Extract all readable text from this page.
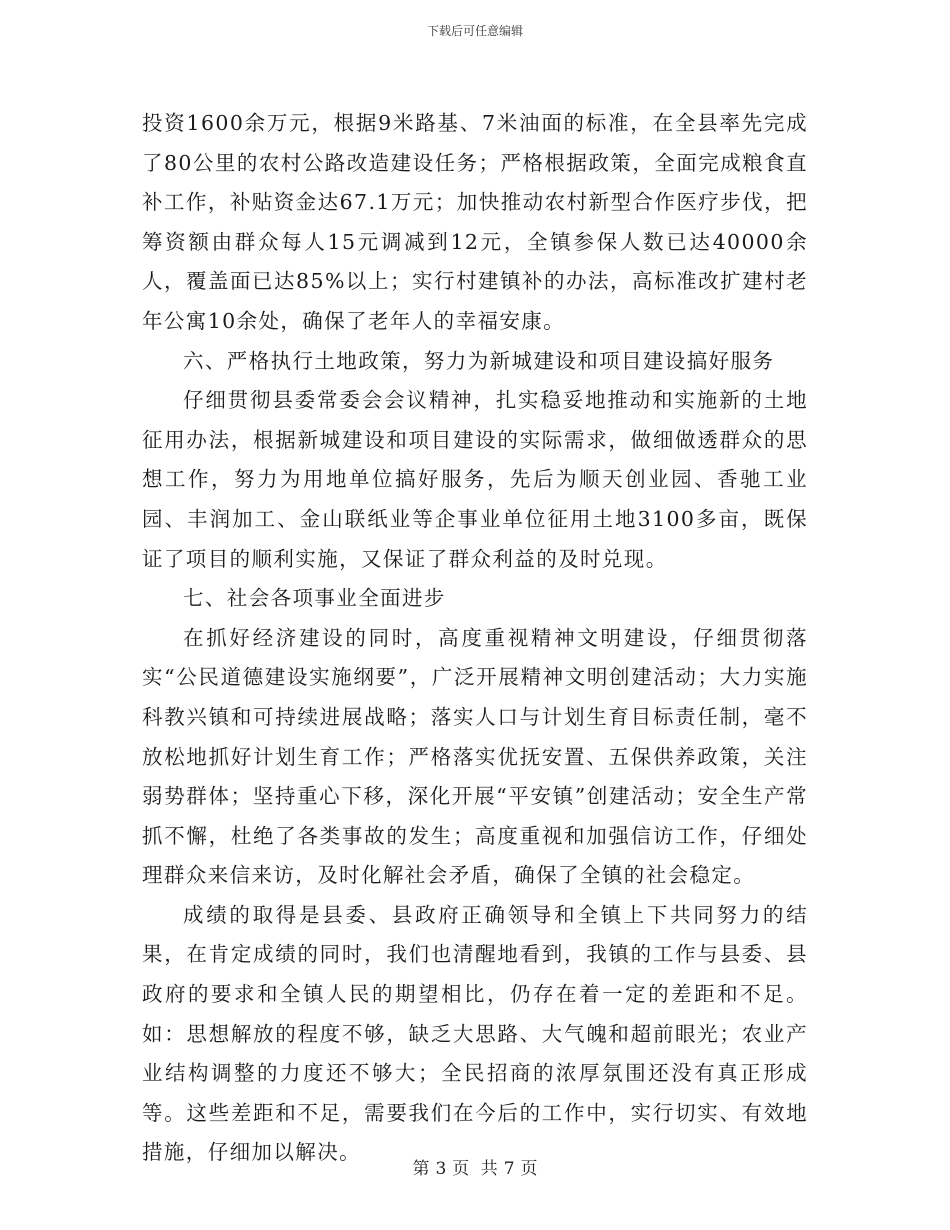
下载后可任意编辑

投资1600余万元，根据9米路基、7米油面的标准，在全县率先完成了80公里的农村公路改造建设任务；严格根据政策，全面完成粮食直补工作，补贴资金达67.1万元；加快推动农村新型合作医疗步伐，把筹资额由群众每人15元调减到12元，全镇参保人数已达40000余人，覆盖面已达85%以上；实行村建镇补的办法，高标准改扩建村老年公寓10余处，确保了老年人的幸福安康。

六、严格执行土地政策，努力为新城建设和项目建设搞好服务

仔细贯彻县委常委会会议精神，扎实稳妥地推动和实施新的土地征用办法，根据新城建设和项目建设的实际需求，做细做透群众的思想工作，努力为用地单位搞好服务，先后为顺天创业园、香驰工业园、丰润加工、金山联纸业等企事业单位征用土地3100多亩，既保证了项目的顺利实施，又保证了群众利益的及时兑现。

七、社会各项事业全面进步

在抓好经济建设的同时，高度重视精神文明建设，仔细贯彻落实“公民道德建设实施纲要”，广泛开展精神文明创建活动；大力实施科教兴镇和可持续进展战略；落实人口与计划生育目标责任制，毫不放松地抓好计划生育工作；严格落实优抚安置、五保供养政策，关注弱势群体；坚持重心下移，深化开展“平安镇”创建活动；安全生产常抓不懈，杜绝了各类事故的发生；高度重视和加强信访工作，仔细处理群众来信来访，及时化解社会矛盾，确保了全镇的社会稳定。

成绩的取得是县委、县政府正确领导和全镇上下共同努力的结果，在肯定成绩的同时，我们也清醒地看到，我镇的工作与县委、县政府的要求和全镇人民的期望相比，仍存在着一定的差距和不足。如：思想解放的程度不够，缺乏大思路、大气魄和超前眼光；农业产业结构调整的力度还不够大；全民招商的浓厚氛围还没有真正形成等。这些差距和不足，需要我们在今后的工作中，实行切实、有效地措施，仔细加以解决。

第 3 页 共 7 页
